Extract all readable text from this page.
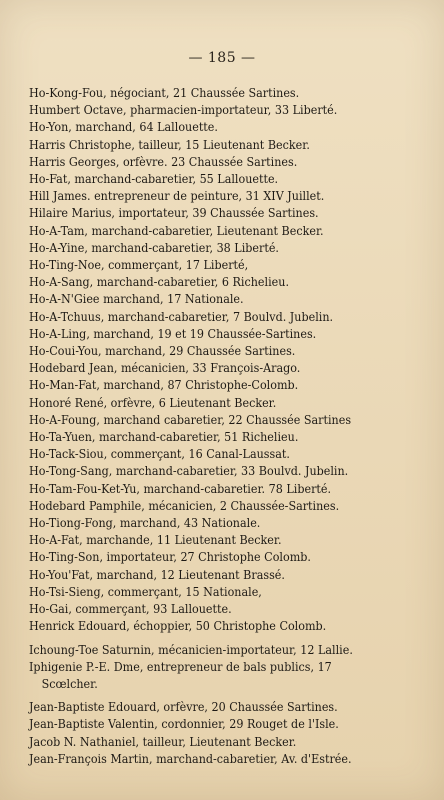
— 185 —
Ho-Kong-Fou, négociant, 21 Chaussée Sartines.
Humbert Octave, pharmacien-importateur, 33 Liberté.
Ho-Yon, marchand, 64 Lallouette.
Harris Christophe, tailleur, 15 Lieutenant Becker.
Harris Georges, orfèvre. 23 Chaussée Sartines.
Ho-Fat, marchand-cabaretier, 55 Lallouette.
Hill James. entrepreneur de peinture, 31 XIV Juillet.
Hilaire Marius, importateur, 39 Chaussée Sartines.
Ho-A-Tam, marchand-cabaretier, Lieutenant Becker.
Ho-A-Yine, marchand-cabaretier, 38 Liberté.
Ho-Ting-Noe, commerçant, 17 Liberté,
Ho-A-Sang, marchand-cabaretier, 6 Richelieu.
Ho-A-N'Giee marchand, 17 Nationale.
Ho-A-Tchuus, marchand-cabaretier, 7 Boulvd. Jubelin.
Ho-A-Ling, marchand, 19 et 19 Chaussée-Sartines.
Ho-Coui-You, marchand, 29 Chaussée Sartines.
Hodebard Jean, mécanicien, 33 François-Arago.
Ho-Man-Fat, marchand, 87 Christophe-Colomb.
Honoré René, orfèvre, 6 Lieutenant Becker.
Ho-A-Foung, marchand cabaretier, 22 Chaussée Sartines
Ho-Ta-Yuen, marchand-cabaretier, 51 Richelieu.
Ho-Tack-Siou, commerçant, 16 Canal-Laussat.
Ho-Tong-Sang, marchand-cabaretier, 33 Boulvd. Jubelin.
Ho-Tam-Fou-Ket-Yu, marchand-cabaretier. 78 Liberté.
Hodebard Pamphile, mécanicien, 2 Chaussée-Sartines.
Ho-Tiong-Fong, marchand, 43 Nationale.
Ho-A-Fat, marchande, 11 Lieutenant Becker.
Ho-Ting-Son, importateur, 27 Christophe Colomb.
Ho-You'Fat, marchand, 12 Lieutenant Brassé.
Ho-Tsi-Sieng, commerçant, 15 Nationale,
Ho-Gai, commerçant, 93 Lallouette.
Henrick Edouard, échoppier, 50 Christophe Colomb.
Ichoung-Toe Saturnin, mécanicien-importateur, 12 Lallie.
Iphigenie P.-E. Dme, entrepreneur de bals publics, 17
Scœlcher.
Jean-Baptiste Edouard, orfèvre, 20 Chaussée Sartines.
Jean-Baptiste Valentin, cordonnier, 29 Rouget de l'Isle.
Jacob N. Nathaniel, tailleur, Lieutenant Becker.
Jean-François Martin, marchand-cabaretier, Av. d'Estrée.
